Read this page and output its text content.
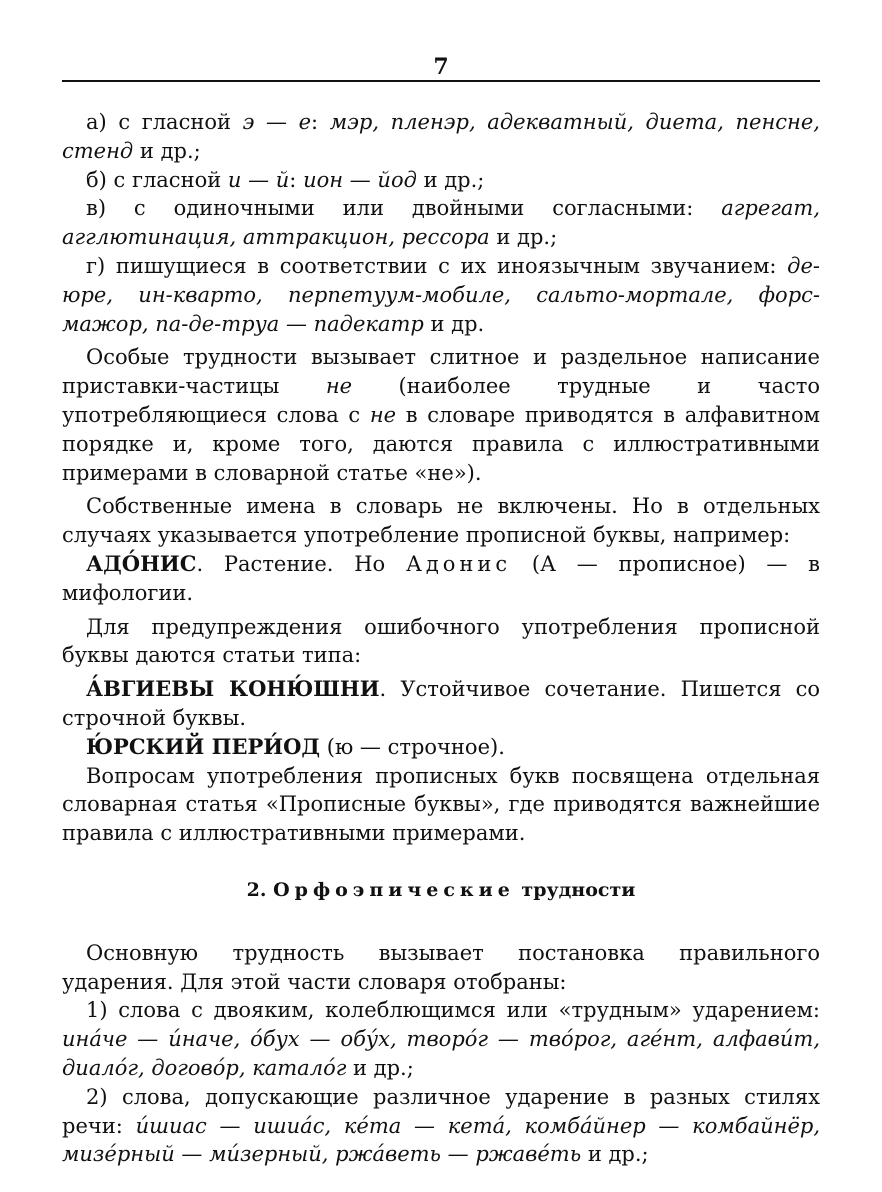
7

а) с гласной э — е: мэр, пленэр, адекватный, диета, пенсне, стенд и др.;

б) с гласной и — й: ион — йод и др.;

в) с одиночными или двойными согласными: агрегат, агглютинация, аттракцион, рессора и др.;

г) пишущиеся в соответствии с их иноязычным звучанием: де-юре, ин-кварто, перпетуум-мобиле, сальто-мортале, форс-мажор, па-де-труа — падекатр и др.

Особые трудности вызывает слитное и раздельное написание приставки-частицы не (наиболее трудные и часто употребляющиеся слова с не в словаре приводятся в алфавитном порядке и, кроме того, даются правила с иллюстративными примерами в словарной статье «не»).

Собственные имена в словарь не включены. Но в отдельных случаях указывается употребление прописной буквы, например:

АДО́НИС. Растение. Но Адонис (А — прописное) — в мифологии.

Для предупреждения ошибочного употребления прописной буквы даются статьи типа:

А́ВГИЕВЫ КОНЮ́ШНИ. Устойчивое сочетание. Пишется со строчной буквы.

Ю́РСКИЙ ПЕРИ́ОД (ю — строчное).

Вопросам употребления прописных букв посвящена отдельная словарная статья «Прописные буквы», где приводятся важнейшие правила с иллюстративными примерами.

2. Орфоэпические трудности

Основную трудность вызывает постановка правильного ударения. Для этой части словаря отобраны:

1) слова с двояким, колеблющимся или «трудным» ударением: ина́че — и́наче, о́бух — обу́х, творо́г — тво́рог, аге́нт, алфави́т, диало́г, догово́р, катало́г и др.;

2) слова, допускающие различное ударение в разных стилях речи: и́шиас — ишиа́с, ке́та — кета́, комба́йнер — комбайнёр, мизе́рный — ми́зерный, ржа́веть — ржаве́ть и др.;
